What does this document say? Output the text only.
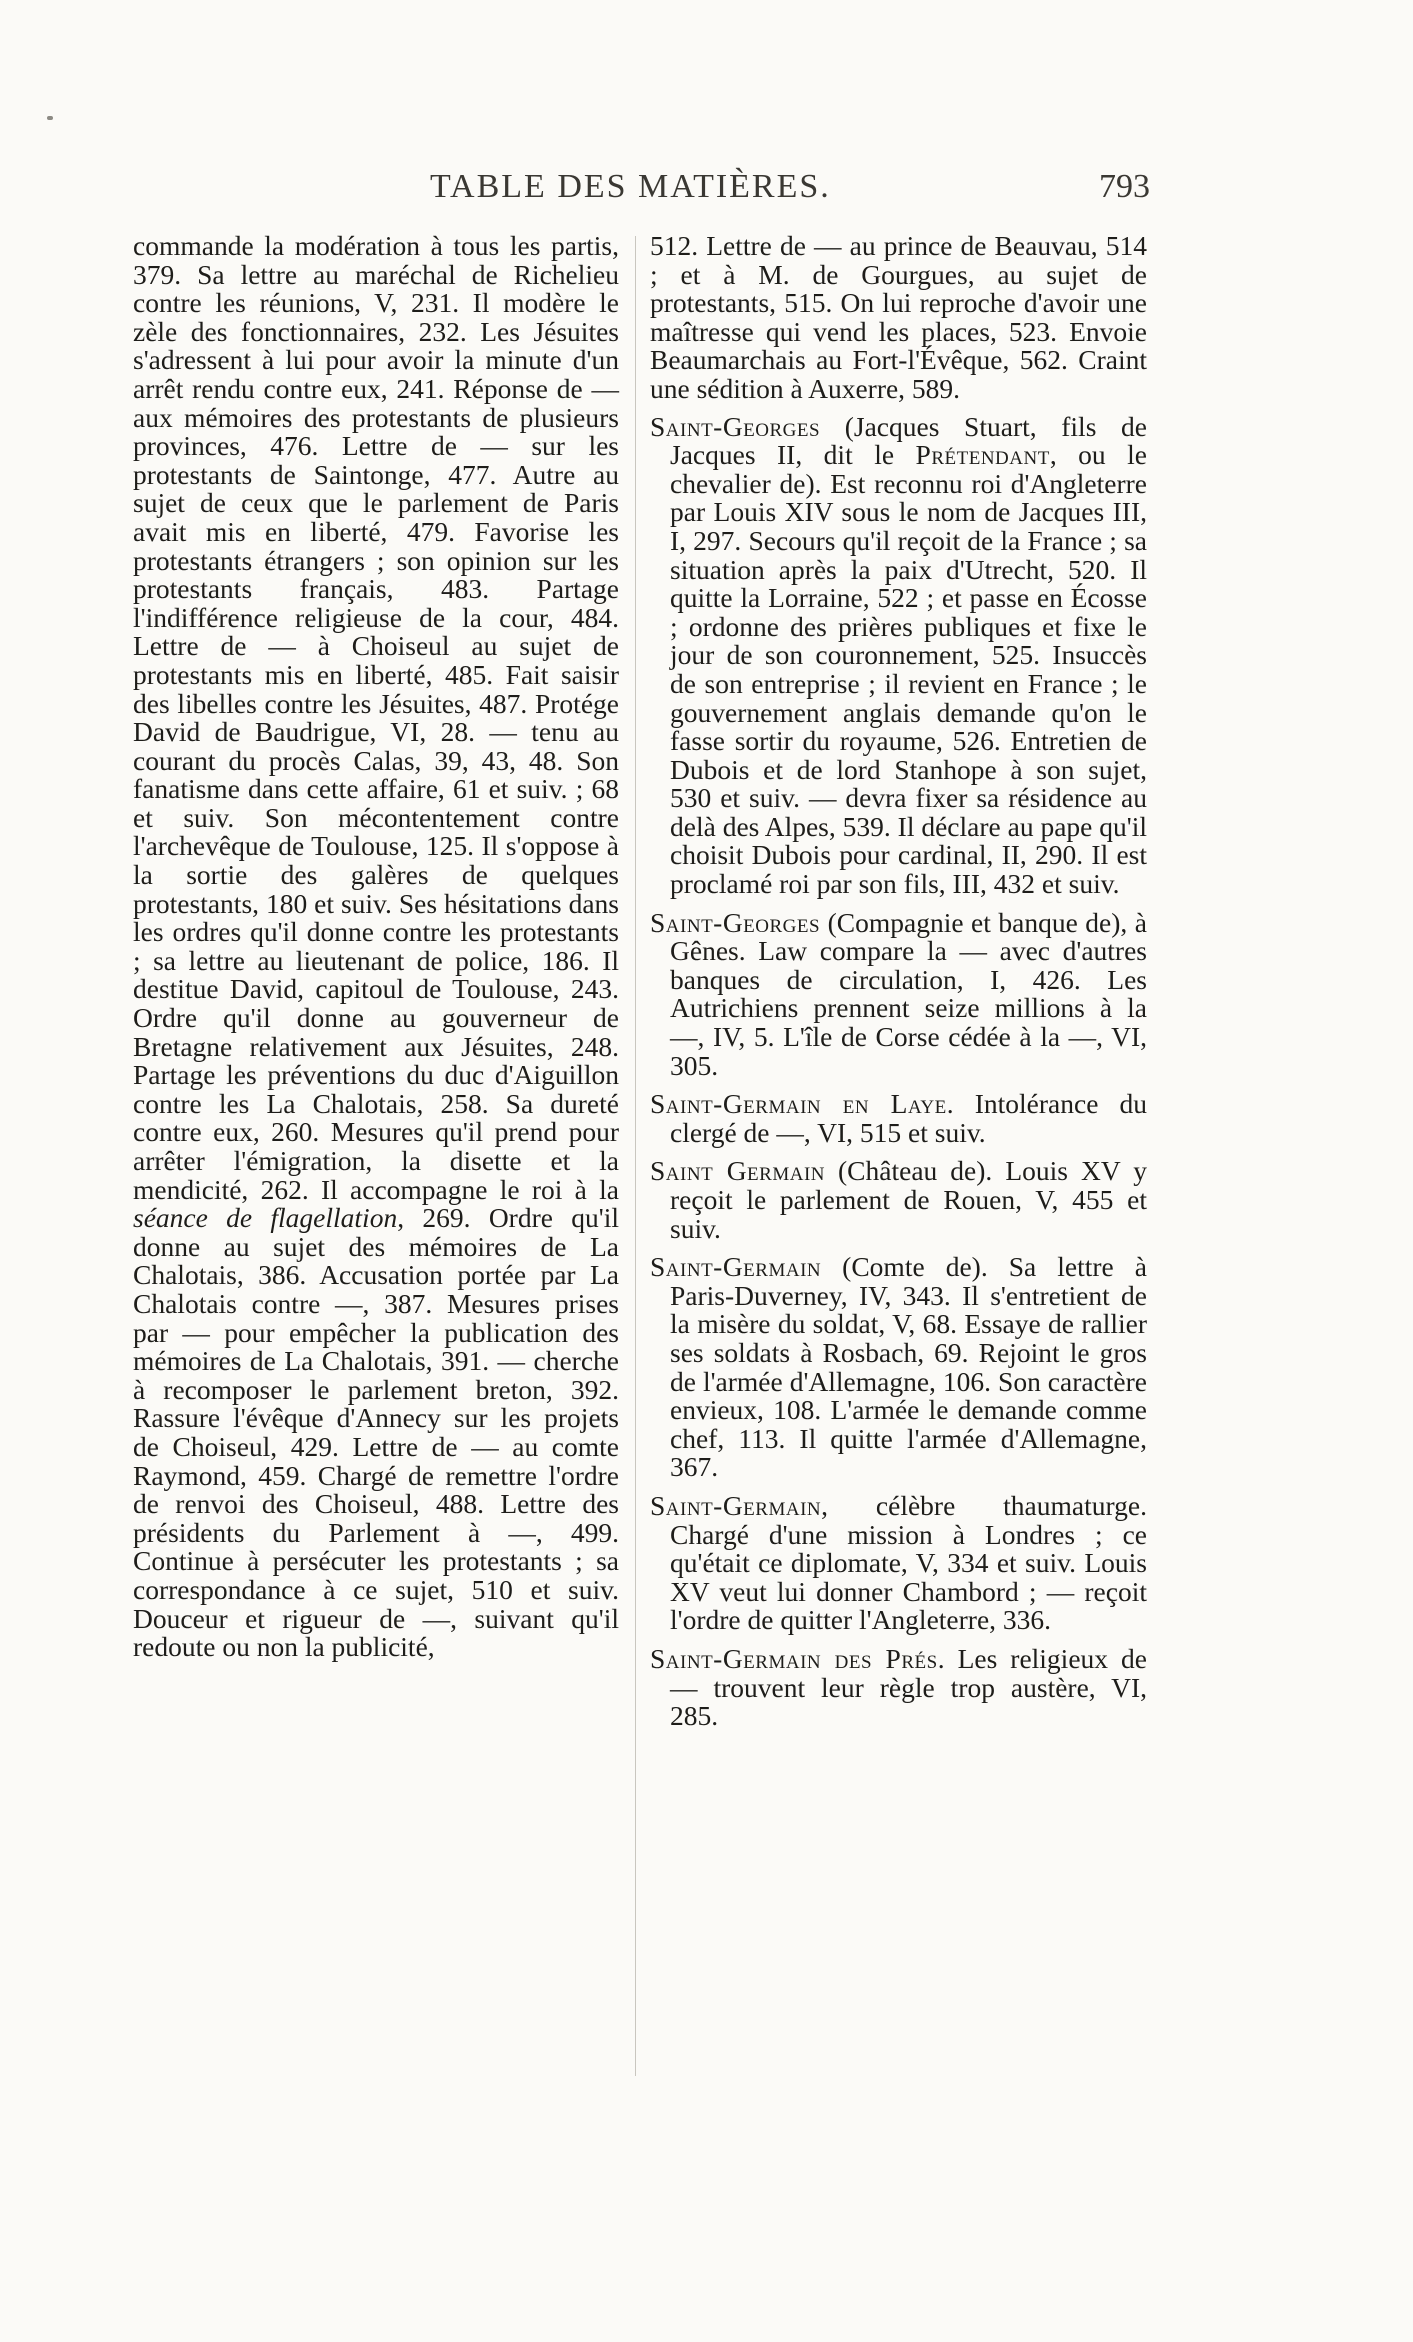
TABLE DES MATIÈRES.	793

commande la modération à tous les partis, 379. Sa lettre au maréchal de Richelieu contre les réunions, V, 231. Il modère le zèle des fonctionnaires, 232. Les Jésuites s'adressent à lui pour avoir la minute d'un arrêt rendu contre eux, 241. Réponse de — aux mémoires des protestants de plusieurs provinces, 476. Lettre de — sur les protestants de Saintonge, 477. Autre au sujet de ceux que le parlement de Paris avait mis en liberté, 479. Favorise les protestants étrangers ; son opinion sur les protestants français, 483. Partage l'indifférence religieuse de la cour, 484. Lettre de — à Choiseul au sujet de protestants mis en liberté, 485. Fait saisir des libelles contre les Jésuites, 487. Protége David de Baudrigue, VI, 28. — tenu au courant du procès Calas, 39, 43, 48. Son fanatisme dans cette affaire, 61 et suiv. ; 68 et suiv. Son mécontentement contre l'archevêque de Toulouse, 125. Il s'oppose à la sortie des galères de quelques protestants, 180 et suiv. Ses hésitations dans les ordres qu'il donne contre les protestants ; sa lettre au lieutenant de police, 186. Il destitue David, capitoul de Toulouse, 243. Ordre qu'il donne au gouverneur de Bretagne relativement aux Jésuites, 248. Partage les préventions du duc d'Aiguillon contre les La Chalotais, 258. Sa dureté contre eux, 260. Mesures qu'il prend pour arrêter l'émigration, la disette et la mendicité, 262. Il accompagne le roi à la séance de flagellation, 269. Ordre qu'il donne au sujet des mémoires de La Chalotais, 386. Accusation portée par La Chalotais contre —, 387. Mesures prises par — pour empêcher la publication des mémoires de La Chalotais, 391. — cherche à recomposer le parlement breton, 392. Rassure l'évêque d'Annecy sur les projets de Choiseul, 429. Lettre de — au comte Raymond, 459. Chargé de remettre l'ordre de renvoi des Choiseul, 488. Lettre des présidents du Parlement à —, 499. Continue à persécuter les protestants ; sa correspondance à ce sujet, 510 et suiv. Douceur et rigueur de —, suivant qu'il redoute ou non la publicité,

512. Lettre de — au prince de Beauvau, 514 ; et à M. de Gourgues, au sujet de protestants, 515. On lui reproche d'avoir une maîtresse qui vend les places, 523. Envoie Beaumarchais au Fort-l'Évêque, 562. Craint une sédition à Auxerre, 589.

Saint-Georges (Jacques Stuart, fils de Jacques II, dit le Prétendant, ou le chevalier de). Est reconnu roi d'Angleterre par Louis XIV sous le nom de Jacques III, I, 297. Secours qu'il reçoit de la France ; sa situation après la paix d'Utrecht, 520. Il quitte la Lorraine, 522 ; et passe en Écosse ; ordonne des prières publiques et fixe le jour de son couronnement, 525. Insuccès de son entreprise ; il revient en France ; le gouvernement anglais demande qu'on le fasse sortir du royaume, 526. Entretien de Dubois et de lord Stanhope à son sujet, 530 et suiv. — devra fixer sa résidence au delà des Alpes, 539. Il déclare au pape qu'il choisit Dubois pour cardinal, II, 290. Il est proclamé roi par son fils, III, 432 et suiv.

Saint-Georges (Compagnie et banque de), à Gênes. Law compare la — avec d'autres banques de circulation, I, 426. Les Autrichiens prennent seize millions à la —, IV, 5. L'île de Corse cédée à la —, VI, 305.

Saint-Germain en Laye. Intolérance du clergé de —, VI, 515 et suiv.

Saint Germain (Château de). Louis XV y reçoit le parlement de Rouen, V, 455 et suiv.

Saint-Germain (Comte de). Sa lettre à Paris-Duverney, IV, 343. Il s'entretient de la misère du soldat, V, 68. Essaye de rallier ses soldats à Rosbach, 69. Rejoint le gros de l'armée d'Allemagne, 106. Son caractère envieux, 108. L'armée le demande comme chef, 113. Il quitte l'armée d'Allemagne, 367.

Saint-Germain, célèbre thaumaturge. Chargé d'une mission à Londres ; ce qu'était ce diplomate, V, 334 et suiv. Louis XV veut lui donner Chambord ; — reçoit l'ordre de quitter l'Angleterre, 336.

Saint-Germain des Prés. Les religieux de — trouvent leur règle trop austère, VI, 285.
